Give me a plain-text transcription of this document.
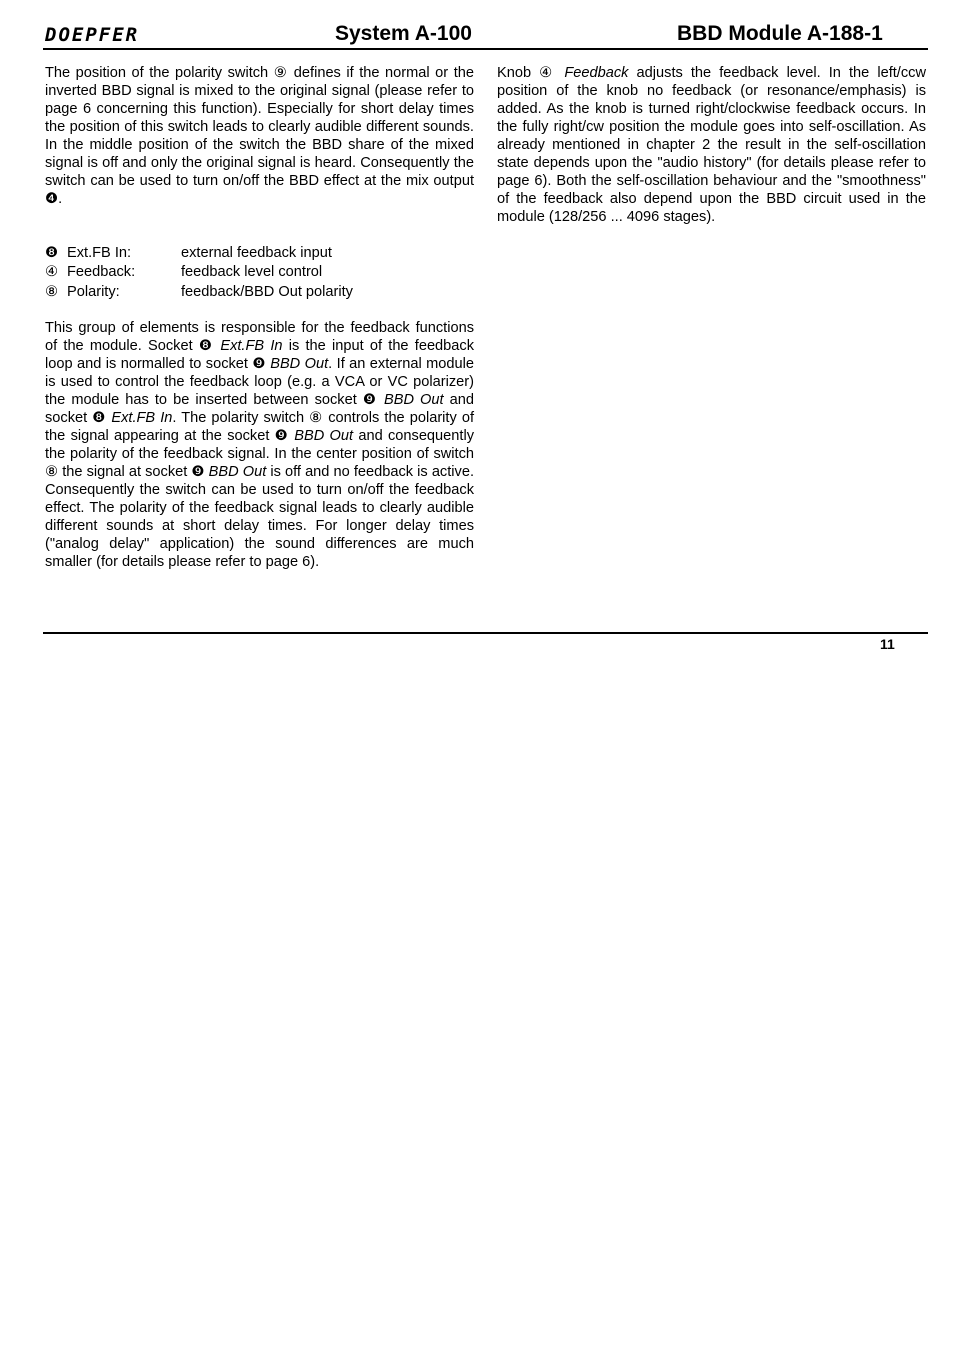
DOEPFER	System A-100	BBD Module A-188-1

The position of the polarity switch ⑨ defines if the normal or the inverted BBD signal is mixed to the original signal (please refer to page 6 concerning this function). Especially for short delay times the position of this switch leads to clearly audible different sounds. In the middle position of the switch the BBD share of the mixed signal is off and only the original signal is heard. Consequently the switch can be used to turn on/off the BBD effect at the mix output ❹.

❽ Ext.FB In:	external feedback input
④ Feedback:	feedback level control
⑧ Polarity:	feedback/BBD Out polarity

This group of elements is responsible for the feedback functions of the module. Socket ❽ Ext.FB In is the input of the feedback loop and is normalled to socket ❾ BBD Out. If an external module is used to control the feedback loop (e.g. a VCA or VC polarizer) the module has to be inserted between socket ❾ BBD Out and socket ❽ Ext.FB In. The polarity switch ⑧ controls the polarity of the signal appearing at the socket ❾ BBD Out and consequently the polarity of the feedback signal. In the center position of switch ⑧ the signal at socket ❾ BBD Out is off and no feedback is active. Consequently the switch can be used to turn on/off the feedback effect. The polarity of the feedback signal leads to clearly audible different sounds at short delay times. For longer delay times ("analog delay" application) the sound differences are much smaller (for details please refer to page 6).

Knob ④ Feedback adjusts the feedback level. In the left/ccw position of the knob no feedback (or resonance/emphasis) is added. As the knob is turned right/clockwise feedback occurs. In the fully right/cw position the module goes into self-oscillation. As already mentioned in chapter 2 the result in the self-oscillation state depends upon the "audio history" (for details please refer to page 6). Both the self-oscillation behaviour and the "smoothness" of the feedback also depend upon the BBD circuit used in the module (128/256 ... 4096 stages).

11
